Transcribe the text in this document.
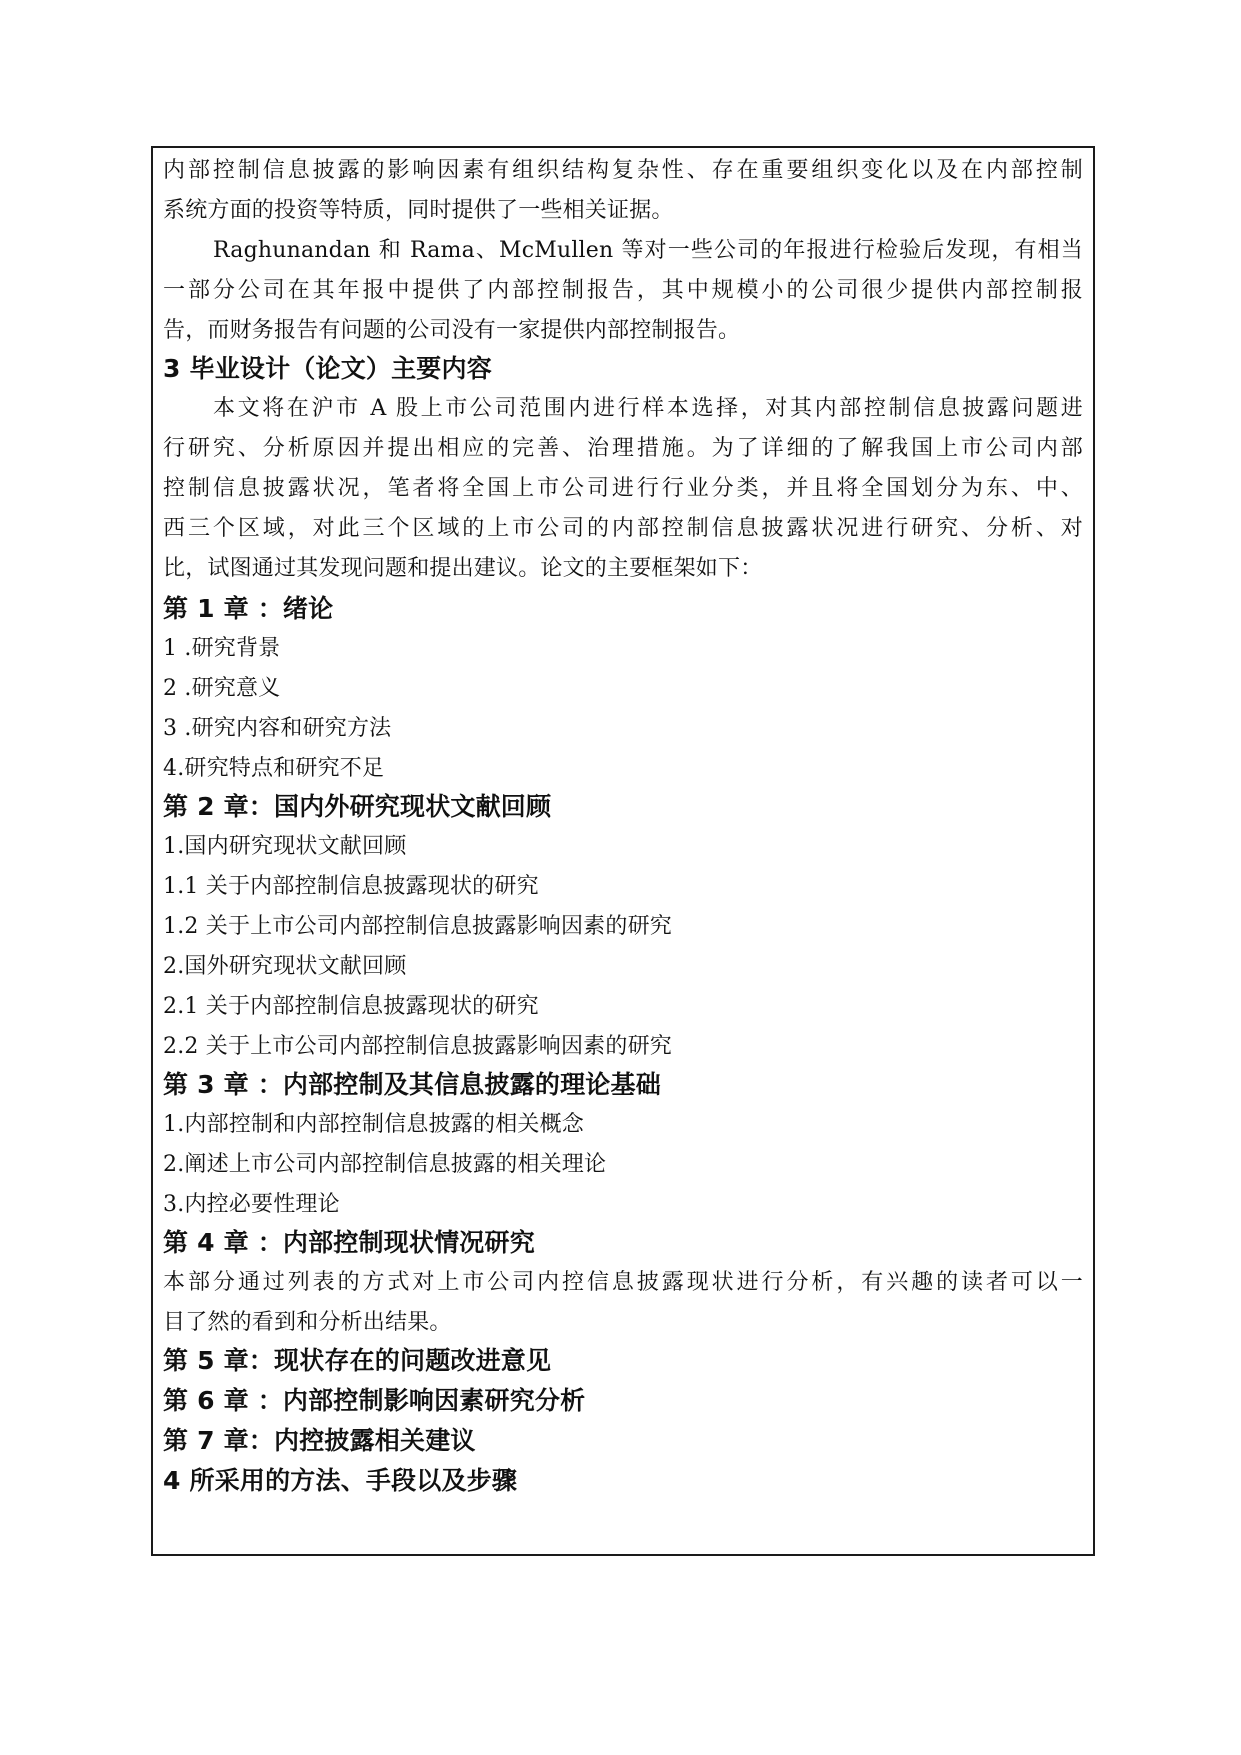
内部控制信息披露的影响因素有组织结构复杂性、存在重要组织变化以及在内部控制
系统方面的投资等特质，同时提供了一些相关证据。
Raghunandan 和 Rama、McMullen 等对一些公司的年报进行检验后发现，有相当
一部分公司在其年报中提供了内部控制报告，其中规模小的公司很少提供内部控制报
告，而财务报告有问题的公司没有一家提供内部控制报告。
3 毕业设计（论文）主要内容
本文将在沪市 A 股上市公司范围内进行样本选择，对其内部控制信息披露问题进
行研究、分析原因并提出相应的完善、治理措施。为了详细的了解我国上市公司内部
控制信息披露状况，笔者将全国上市公司进行行业分类，并且将全国划分为东、中、
西三个区域，对此三个区域的上市公司的内部控制信息披露状况进行研究、分析、对
比，试图通过其发现问题和提出建议。论文的主要框架如下：
第 1 章 ：绪论
1 .研究背景
2 .研究意义
3 .研究内容和研究方法
4.研究特点和研究不足
第 2 章：国内外研究现状文献回顾
1.国内研究现状文献回顾
1.1 关于内部控制信息披露现状的研究
1.2 关于上市公司内部控制信息披露影响因素的研究
2.国外研究现状文献回顾
2.1 关于内部控制信息披露现状的研究
2.2 关于上市公司内部控制信息披露影响因素的研究
第 3 章 ：内部控制及其信息披露的理论基础
1.内部控制和内部控制信息披露的相关概念
2.阐述上市公司内部控制信息披露的相关理论
3.内控必要性理论
第 4 章 ：内部控制现状情况研究
本部分通过列表的方式对上市公司内控信息披露现状进行分析，有兴趣的读者可以一
目了然的看到和分析出结果。
第 5 章：现状存在的问题改进意见
第 6 章 ：内部控制影响因素研究分析
第 7 章：内控披露相关建议
4 所采用的方法、手段以及步骤
